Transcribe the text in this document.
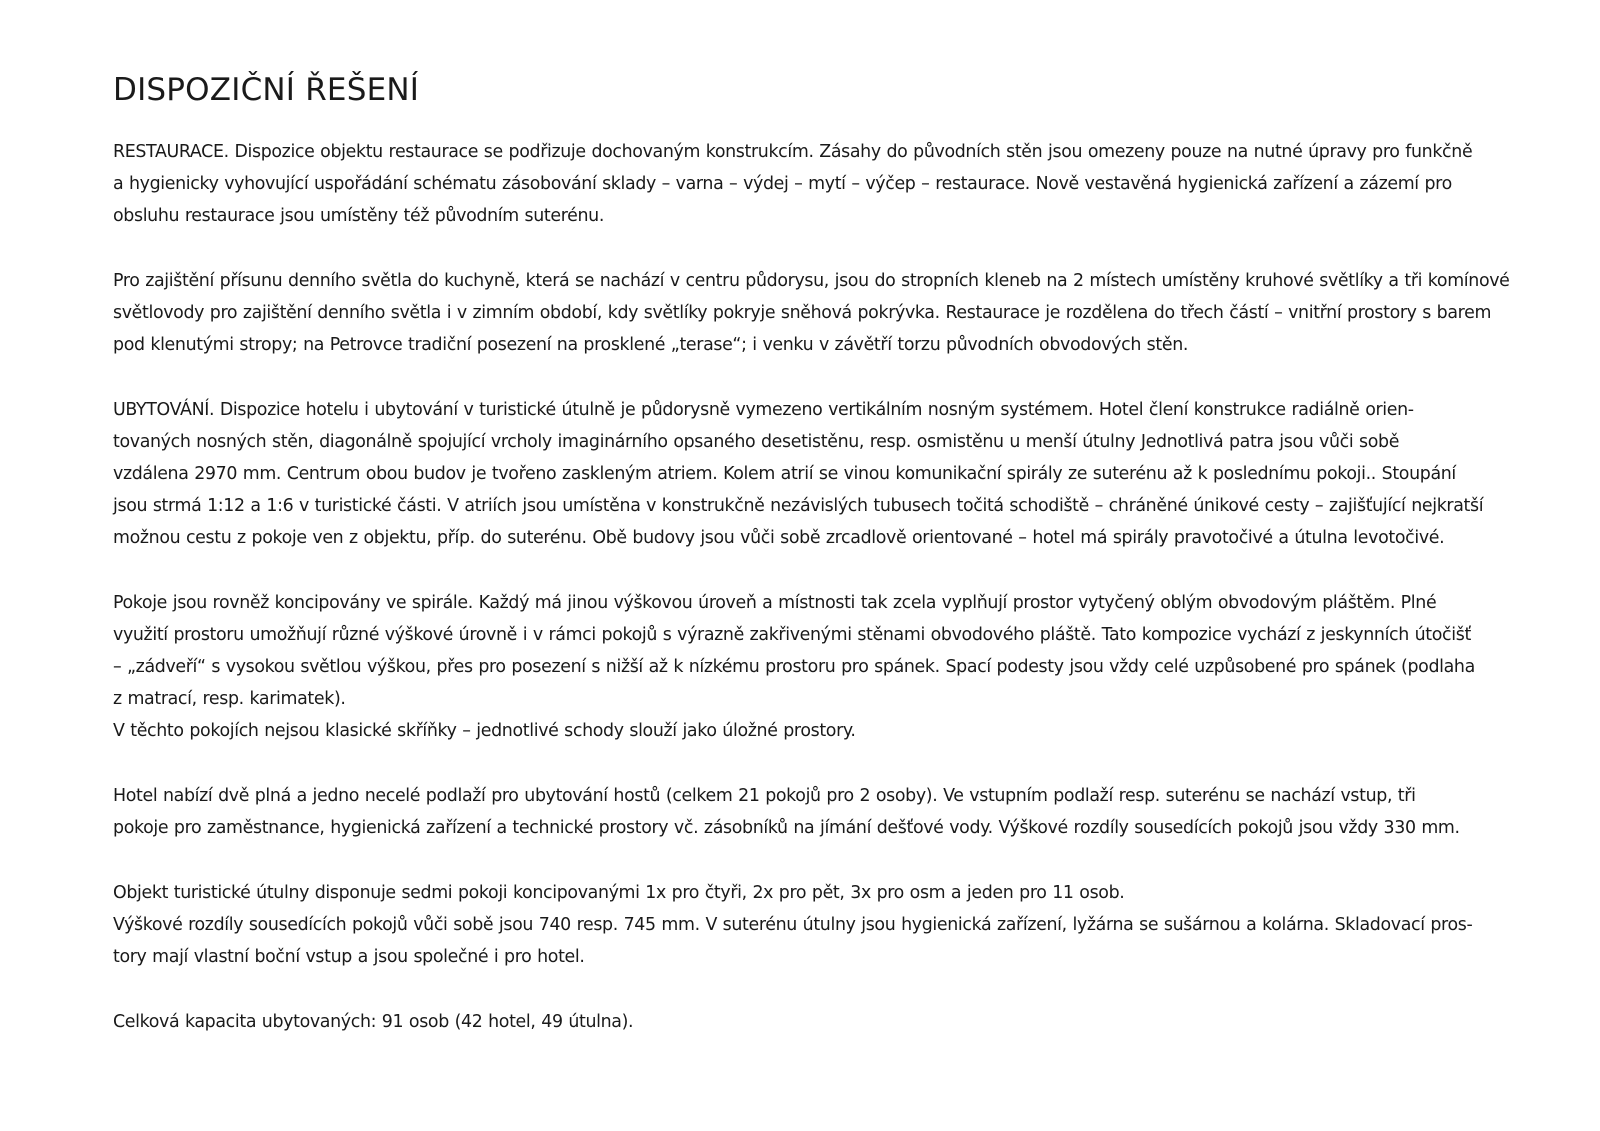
DISPOZIČNÍ ŘEŠENÍ

RESTAURACE. Dispozice objektu restaurace se podřizuje dochovaným konstrukcím. Zásahy do původních stěn jsou omezeny pouze na nutné úpravy pro funkčně
a hygienicky vyhovující uspořádání schématu zásobování sklady – varna – výdej – mytí – výčep – restaurace. Nově vestavěná hygienická zařízení a zázemí pro
obsluhu restaurace jsou umístěny též původním suterénu.

Pro zajištění přísunu denního světla do kuchyně, která se nachází v centru půdorysu, jsou do stropních kleneb na 2 místech umístěny kruhové světlíky a tři komínové
světlovody pro zajištění denního světla i v zimním období, kdy světlíky pokryje sněhová pokrývka. Restaurace je rozdělena do třech částí – vnitřní prostory s barem
pod klenutými stropy; na Petrovce tradiční posezení na prosklené „terase“; i venku v závětří torzu původních obvodových stěn.

UBYTOVÁNÍ. Dispozice hotelu i ubytování v turistické útulně je půdorysně vymezeno vertikálním nosným systémem. Hotel člení konstrukce radiálně orien-
tovaných nosných stěn, diagonálně spojující vrcholy imaginárního opsaného desetistěnu, resp. osmistěnu u menší útulny Jednotlivá patra jsou vůči sobě
vzdálena 2970 mm. Centrum obou budov je tvořeno zaskleným atriem. Kolem atrií se vinou komunikační spirály ze suterénu až k poslednímu pokoji.. Stoupání
jsou strmá 1:12 a 1:6 v turistické části. V atriích jsou umístěna v konstrukčně nezávislých tubusech točitá schodiště – chráněné únikové cesty – zajišťující nejkratší
možnou cestu z pokoje ven z objektu, příp. do suterénu. Obě budovy jsou vůči sobě zrcadlově orientované – hotel má spirály pravotočivé a útulna levotočivé.

Pokoje jsou rovněž koncipovány ve spirále. Každý má jinou výškovou úroveň a místnosti tak zcela vyplňují prostor vytyčený oblým obvodovým pláštěm. Plné
využití prostoru umožňují různé výškové úrovně i v rámci pokojů s výrazně zakřivenými stěnami obvodového pláště. Tato kompozice vychází z jeskynních útočišť
– „zádveří“ s vysokou světlou výškou, přes pro posezení s nižší až k nízkému prostoru pro spánek. Spací podesty jsou vždy celé uzpůsobené pro spánek (podlaha
z matrací, resp. karimatek).
V těchto pokojích nejsou klasické skříňky – jednotlivé schody slouží jako úložné prostory.

Hotel nabízí dvě plná a jedno necelé podlaží pro ubytování hostů (celkem 21 pokojů pro 2 osoby). Ve vstupním podlaží resp. suterénu se nachází vstup, tři
pokoje pro zaměstnance, hygienická zařízení a technické prostory vč. zásobníků na jímání dešťové vody. Výškové rozdíly sousedících pokojů jsou vždy 330 mm.

Objekt turistické útulny disponuje sedmi pokoji koncipovanými 1x pro čtyři, 2x pro pět, 3x pro osm a jeden pro 11 osob.
Výškové rozdíly sousedících pokojů vůči sobě jsou 740 resp. 745 mm. V suterénu útulny jsou hygienická zařízení, lyžárna se sušárnou a kolárna. Skladovací pros-
tory mají vlastní boční vstup a jsou společné i pro hotel.

Celková kapacita ubytovaných: 91 osob (42 hotel, 49 útulna).
